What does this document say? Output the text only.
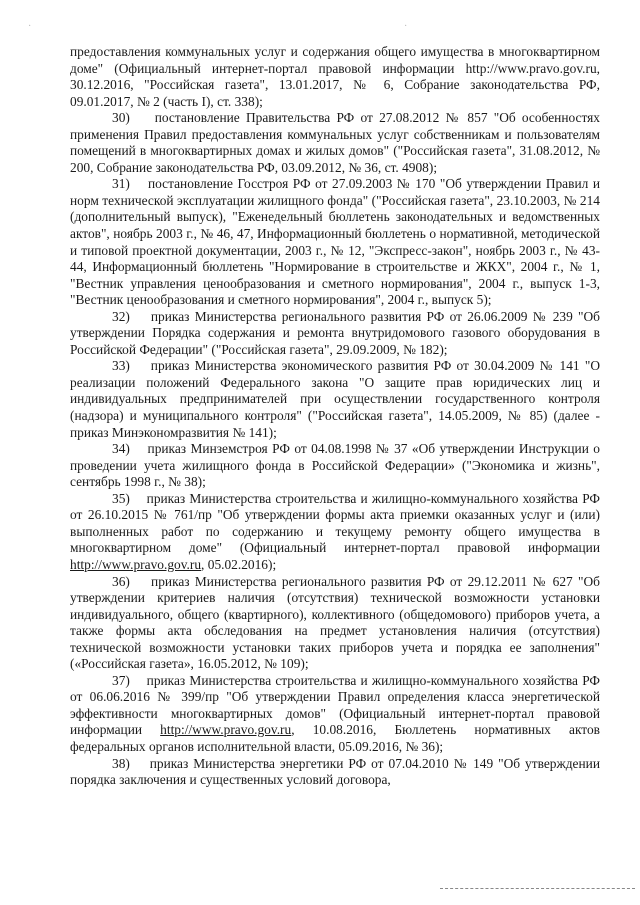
·	·

предоставления коммунальных услуг и содержания общего имущества в многоквартирном доме" (Официальный интернет-портал правовой информации http://www.pravo.gov.ru, 30.12.2016, "Российская газета", 13.01.2017, № 6, Собрание законодательства РФ, 09.01.2017, № 2 (часть I), ст. 338);

30)    постановление Правительства РФ от 27.08.2012 № 857 "Об особенностях применения Правил предоставления коммунальных услуг собственникам и пользователям помещений в многоквартирных домах и жилых домов" ("Российская газета", 31.08.2012, № 200, Собрание законодательства РФ, 03.09.2012, № 36, ст. 4908);

31)    постановление Госстроя РФ от 27.09.2003 № 170 "Об утверждении Правил и норм технической эксплуатации жилищного фонда" ("Российская газета", 23.10.2003, № 214 (дополнительный выпуск), "Еженедельный бюллетень законодательных и ведомственных актов", ноябрь 2003 г., № 46, 47, Информационный бюллетень о нормативной, методической и типовой проектной документации, 2003 г., № 12, "Экспресс-закон", ноябрь 2003 г., № 43-44, Информационный бюллетень "Нормирование в строительстве и ЖКХ", 2004 г., № 1, "Вестник управления ценообразования и сметного нормирования", 2004 г., выпуск 1-3, "Вестник ценообразования и сметного нормирования", 2004 г., выпуск 5);

32)    приказ Министерства регионального развития РФ от 26.06.2009 № 239 "Об утверждении Порядка содержания и ремонта внутридомового газового оборудования в Российской Федерации" ("Российская газета", 29.09.2009, № 182);

33)    приказ Министерства экономического развития РФ от 30.04.2009 № 141 "О реализации положений Федерального закона "О защите прав юридических лиц и индивидуальных предпринимателей при осуществлении государственного контроля (надзора) и муниципального контроля" ("Российская газета", 14.05.2009, № 85) (далее - приказ Минэкономразвития № 141);

34)    приказ Минземстроя РФ от 04.08.1998 № 37 «Об утверждении Инструкции о проведении учета жилищного фонда в Российской Федерации» ("Экономика и жизнь", сентябрь 1998 г., № 38);

35)    приказ Министерства строительства и жилищно-коммунального хозяйства РФ от 26.10.2015 № 761/пр "Об утверждении формы акта приемки оказанных услуг и (или) выполненных работ по содержанию и текущему ремонту общего имущества в многоквартирном доме" (Официальный интернет-портал правовой информации http://www.pravo.gov.ru, 05.02.2016);

36)    приказ Министерства регионального развития РФ от 29.12.2011 № 627 "Об утверждении критериев наличия (отсутствия) технической возможности установки индивидуального, общего (квартирного), коллективного (общедомового) приборов учета, а также формы акта обследования на предмет установления наличия (отсутствия) технической возможности установки таких приборов учета и порядка ее заполнения" («Российская газета», 16.05.2012, № 109);

37)    приказ Министерства строительства и жилищно-коммунального хозяйства РФ от 06.06.2016 № 399/пр "Об утверждении Правил определения класса энергетической эффективности многоквартирных домов" (Официальный интернет-портал правовой информации http://www.pravo.gov.ru, 10.08.2016, Бюллетень нормативных актов федеральных органов исполнительной власти, 05.09.2016, № 36);

38)    приказ Министерства энергетики РФ от 07.04.2010 № 149 "Об утверждении порядка заключения и существенных условий договора,
